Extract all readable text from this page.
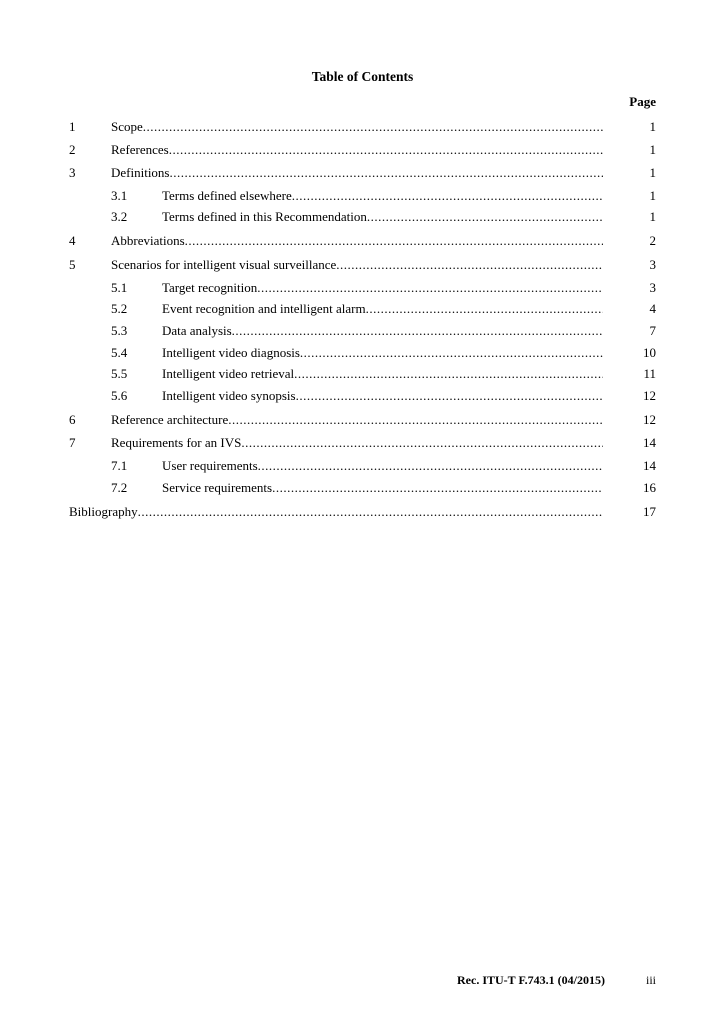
Table of Contents
Page
1	Scope .....	1
2	References .....	1
3	Definitions .....	1
3.1	Terms defined elsewhere .....	1
3.2	Terms defined in this Recommendation .....	1
4	Abbreviations .....	2
5	Scenarios for intelligent visual surveillance .....	3
5.1	Target recognition .....	3
5.2	Event recognition and intelligent alarm .....	4
5.3	Data analysis .....	7
5.4	Intelligent video diagnosis .....	10
5.5	Intelligent video retrieval .....	11
5.6	Intelligent video synopsis .....	12
6	Reference architecture .....	12
7	Requirements for an IVS .....	14
7.1	User requirements .....	14
7.2	Service requirements .....	16
Bibliography .....	17
Rec. ITU-T F.743.1 (04/2015)	iii
